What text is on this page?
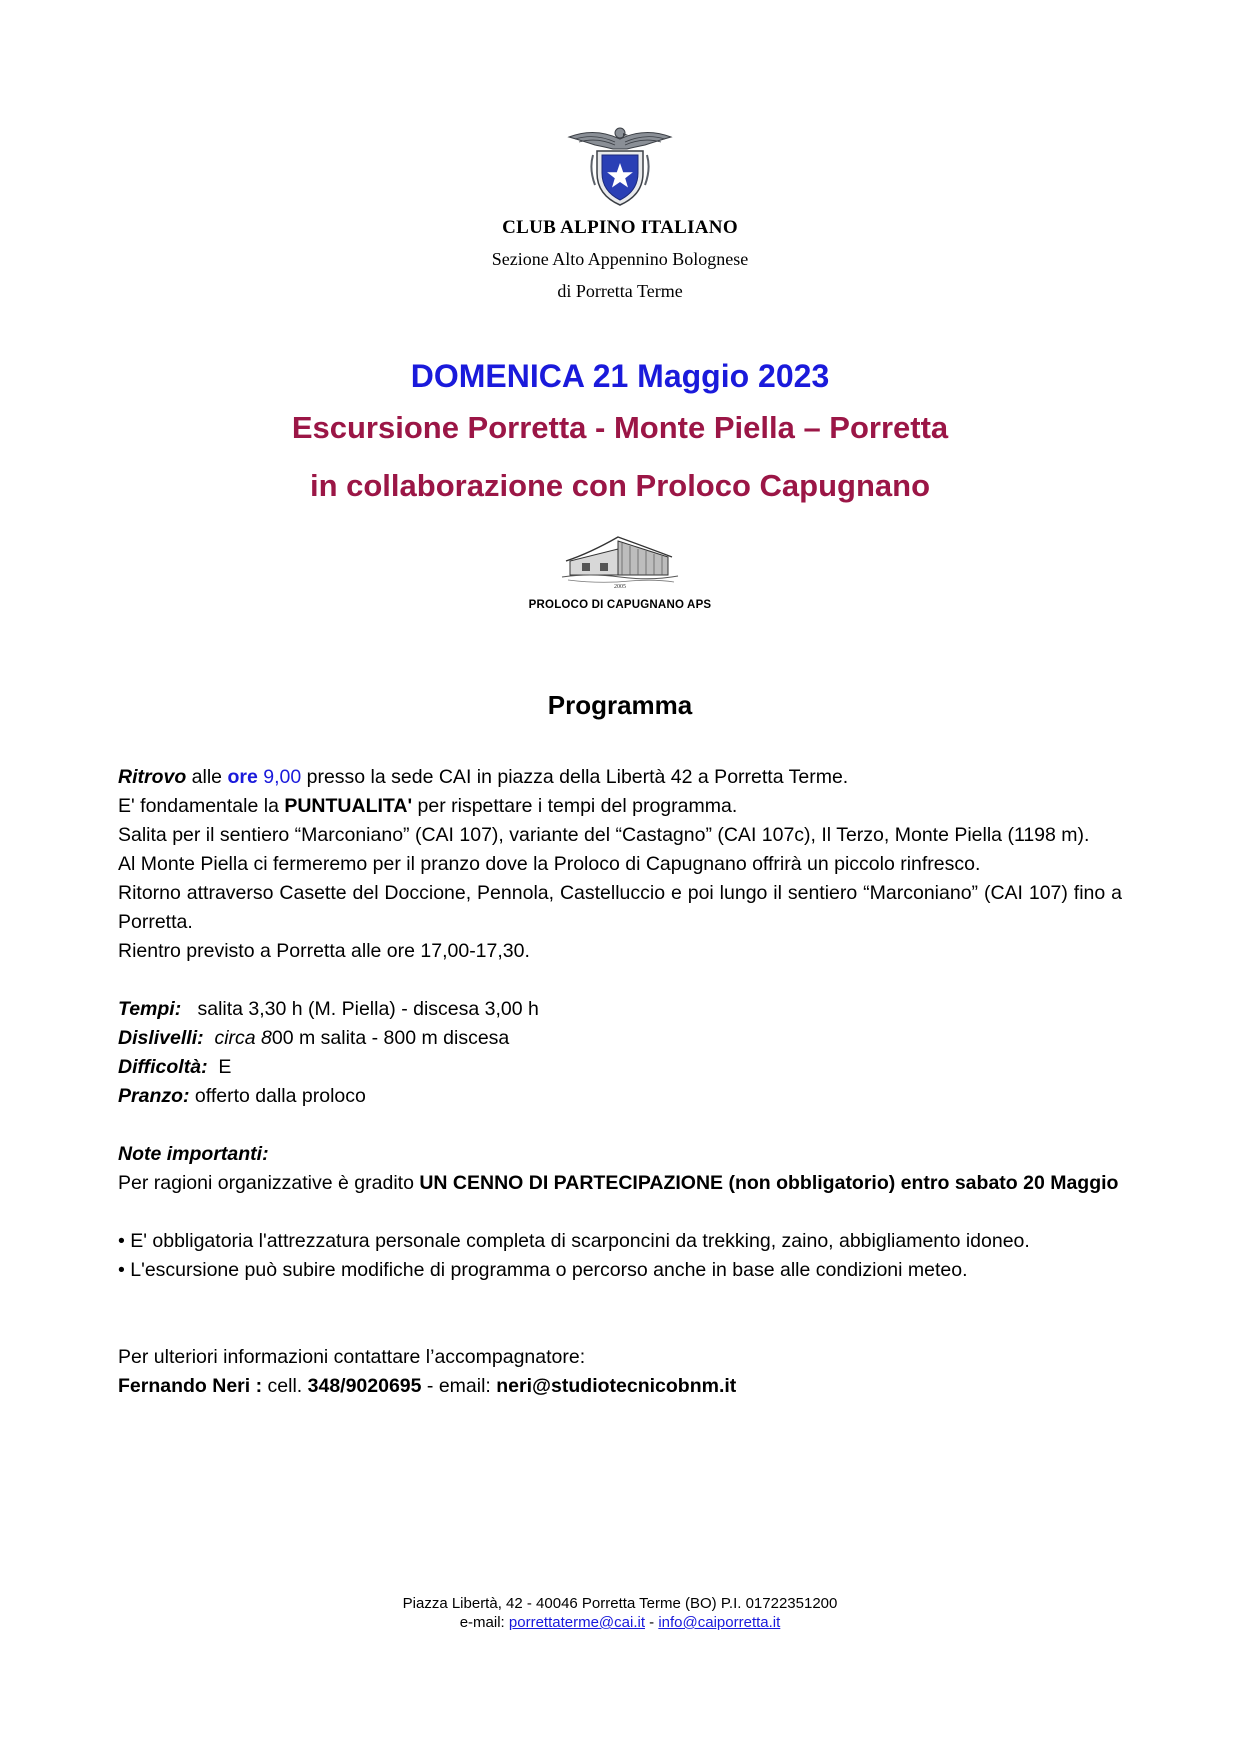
CLUB ALPINO ITALIANO
Sezione Alto Appennino Bolognese
di Porretta Terme
DOMENICA 21 Maggio 2023
Escursione Porretta - Monte Piella – Porretta
in collaborazione con Proloco Capugnano
2005
PROLOCO DI CAPUGNANO APS
Programma

Ritrovo alle ore 9,00 presso la sede CAI in piazza della Libertà 42 a Porretta Terme.

E' fondamentale la PUNTUALITA' per rispettare i tempi del programma.

Salita per il sentiero “Marconiano” (CAI 107), variante del “Castagno” (CAI 107c), Il Terzo, Monte Piella (1198 m).

Al Monte Piella ci fermeremo per il pranzo dove la Proloco di Capugnano offrirà un piccolo rinfresco.

Ritorno attraverso Casette del Doccione, Pennola, Castelluccio e poi lungo il sentiero “Marconiano” (CAI 107) fino a Porretta.

Rientro previsto a Porretta alle ore 17,00-17,30.

Tempi: salita 3,30 h (M. Piella) - discesa 3,00 h

Dislivelli: circa 800 m salita - 800 m discesa

Difficoltà: E

Pranzo: offerto dalla proloco

Note importanti:

Per ragioni organizzative è gradito UN CENNO DI PARTECIPAZIONE (non obbligatorio) entro sabato 20 Maggio

• E' obbligatoria l'attrezzatura personale completa di scarponcini da trekking, zaino, abbigliamento idoneo.

• L'escursione può subire modifiche di programma o percorso anche in base alle condizioni meteo.

Per ulteriori informazioni contattare l’accompagnatore:

Fernando Neri : cell. 348/9020695 - email: neri@studiotecnicobnm.it

Piazza Libertà, 42 - 40046 Porretta Terme (BO) P.I. 01722351200
e-mail: porrettaterme@cai.it - info@caiporretta.it
